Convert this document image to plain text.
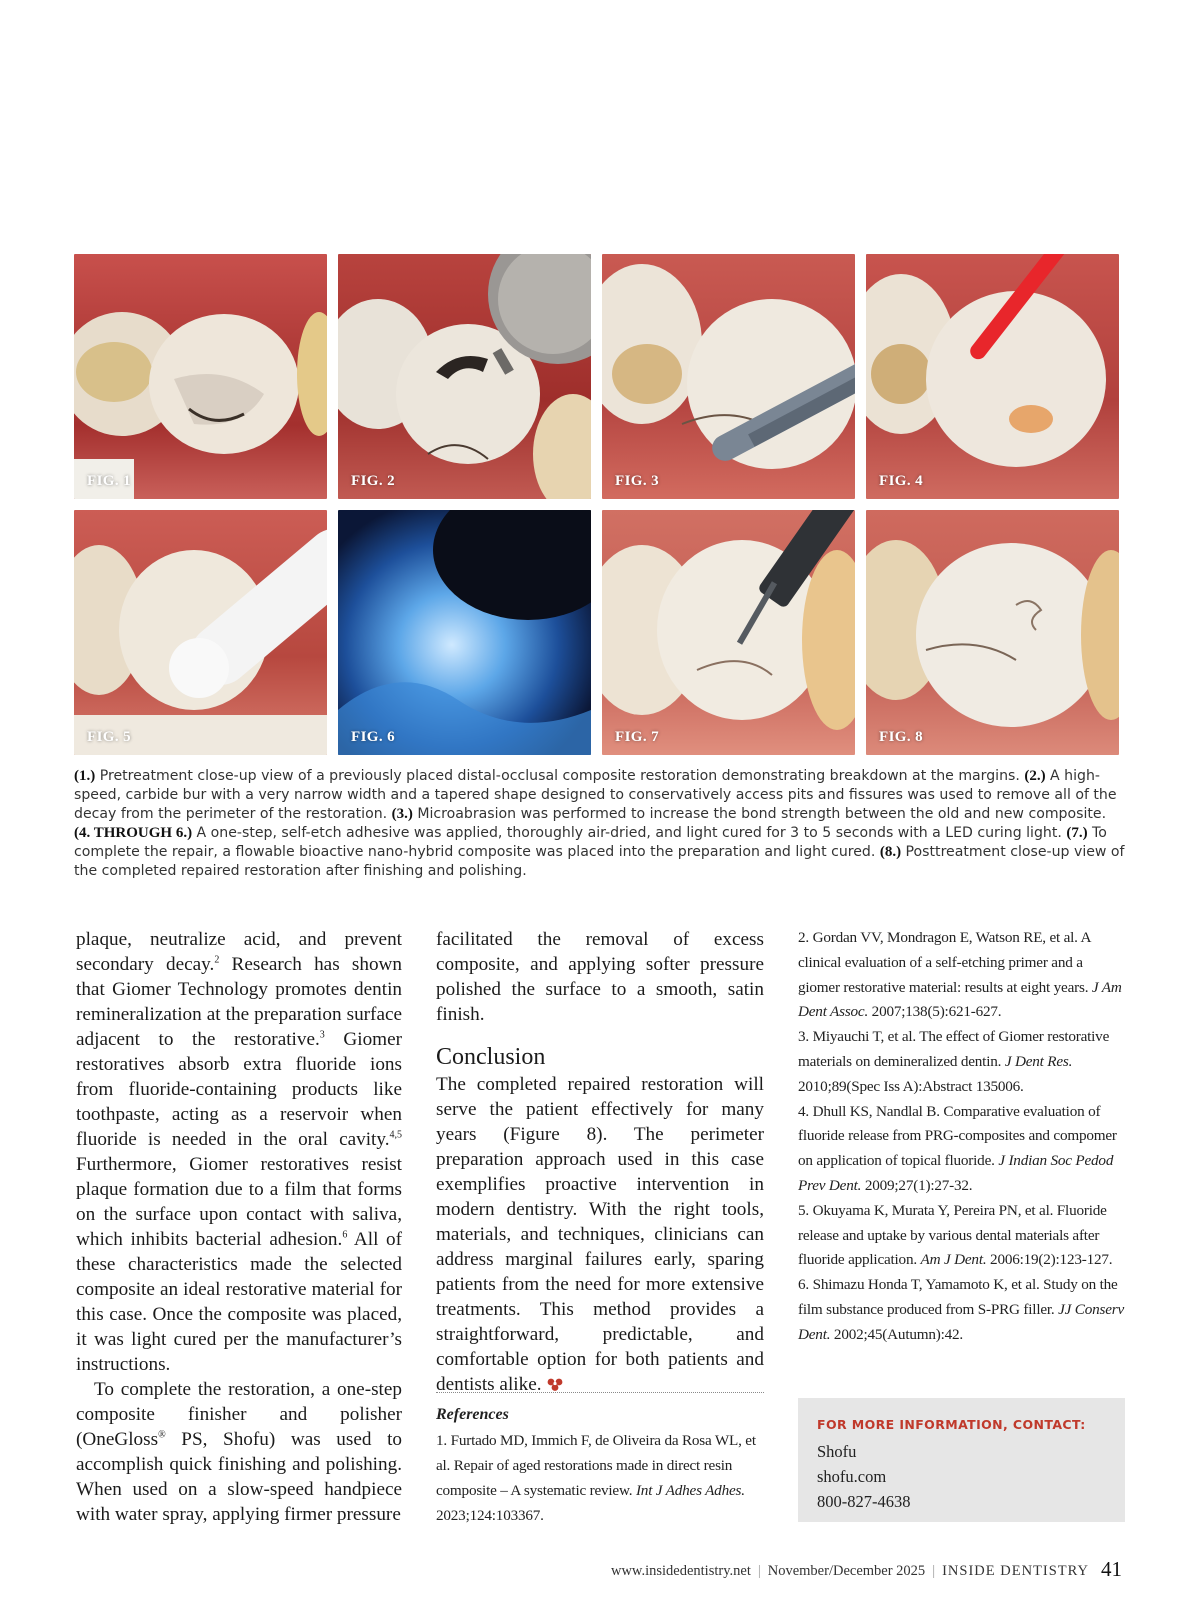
FIG. 1	FIG. 2	FIG. 3	FIG. 4
FIG. 5	FIG. 6	FIG. 7	FIG. 8
(1.) Pretreatment close-up view of a previously placed distal-occlusal composite restoration demonstrating breakdown at the margins. (2.) A high-speed, carbide bur with a very narrow width and a tapered shape designed to conservatively access pits and fissures was used to remove all of the decay from the perimeter of the restoration. (3.) Microabrasion was performed to increase the bond strength between the old and new composite. (4. THROUGH 6.) A one-step, self-etch adhesive was applied, thoroughly air-dried, and light cured for 3 to 5 seconds with a LED curing light. (7.) To complete the repair, a flowable bioactive nano-hybrid composite was placed into the preparation and light cured. (8.) Posttreatment close-up view of the completed repaired restoration after finishing and polishing.

plaque, neutralize acid, and prevent secondary decay.$^2$ Research has shown that Giomer Technology promotes dentin remineralization at the preparation surface adjacent to the restorative.$^3$ Giomer restoratives absorb extra fluoride ions from fluoride-containing products like toothpaste, acting as a reservoir when fluoride is needed in the oral cavity.$^{4,5}$ Furthermore, Giomer restoratives resist plaque formation due to a film that forms on the surface upon contact with saliva, which inhibits bacterial adhesion.$^6$ All of these characteristics made the selected composite an ideal restorative material for this case. Once the composite was placed, it was light cured per the manufacturer’s instructions.

To complete the restoration, a one-step composite finisher and polisher (OneGloss® PS, Shofu) was used to accomplish quick finishing and polishing. When used on a slow-speed handpiece with water spray, applying firmer pressure

facilitated the removal of excess composite, and applying softer pressure polished the surface to a smooth, satin finish.

Conclusion

The completed repaired restoration will serve the patient effectively for many years (Figure 8). The perimeter preparation approach used in this case exemplifies proactive intervention in modern dentistry. With the right tools, materials, and techniques, clinicians can address marginal failures early, sparing patients from the need for more extensive treatments. This method provides a straightforward, predictable, and comfortable option for both patients and dentists alike.

References

1. Furtado MD, Immich F, de Oliveira da Rosa WL, et al. Repair of aged restorations made in direct resin composite – A systematic review. Int J Adhes Adhes. 2023;124:103367.

2. Gordan VV, Mondragon E, Watson RE, et al. A clinical evaluation of a self-etching primer and a giomer restorative material: results at eight years. J Am Dent Assoc. 2007;138(5):621-627.

3. Miyauchi T, et al. The effect of Giomer restorative materials on demineralized dentin. J Dent Res. 2010;89(Spec Iss A):Abstract 135006.

4. Dhull KS, Nandlal B. Comparative evaluation of fluoride release from PRG-composites and compomer on application of topical fluoride. J Indian Soc Pedod Prev Dent. 2009;27(1):27-32.

5. Okuyama K, Murata Y, Pereira PN, et al. Fluoride release and uptake by various dental materials after fluoride application. Am J Dent. 2006:19(2):123-127.

6. Shimazu Honda T, Yamamoto K, et al. Study on the film substance produced from S-PRG filler. JJ Conserv Dent. 2002;45(Autumn):42.

FOR MORE INFORMATION, CONTACT:
Shofu
shofu.com
800-827-4638
www.insidedentistry.net | November/December 2025 | INSIDE DENTISTRY 41
